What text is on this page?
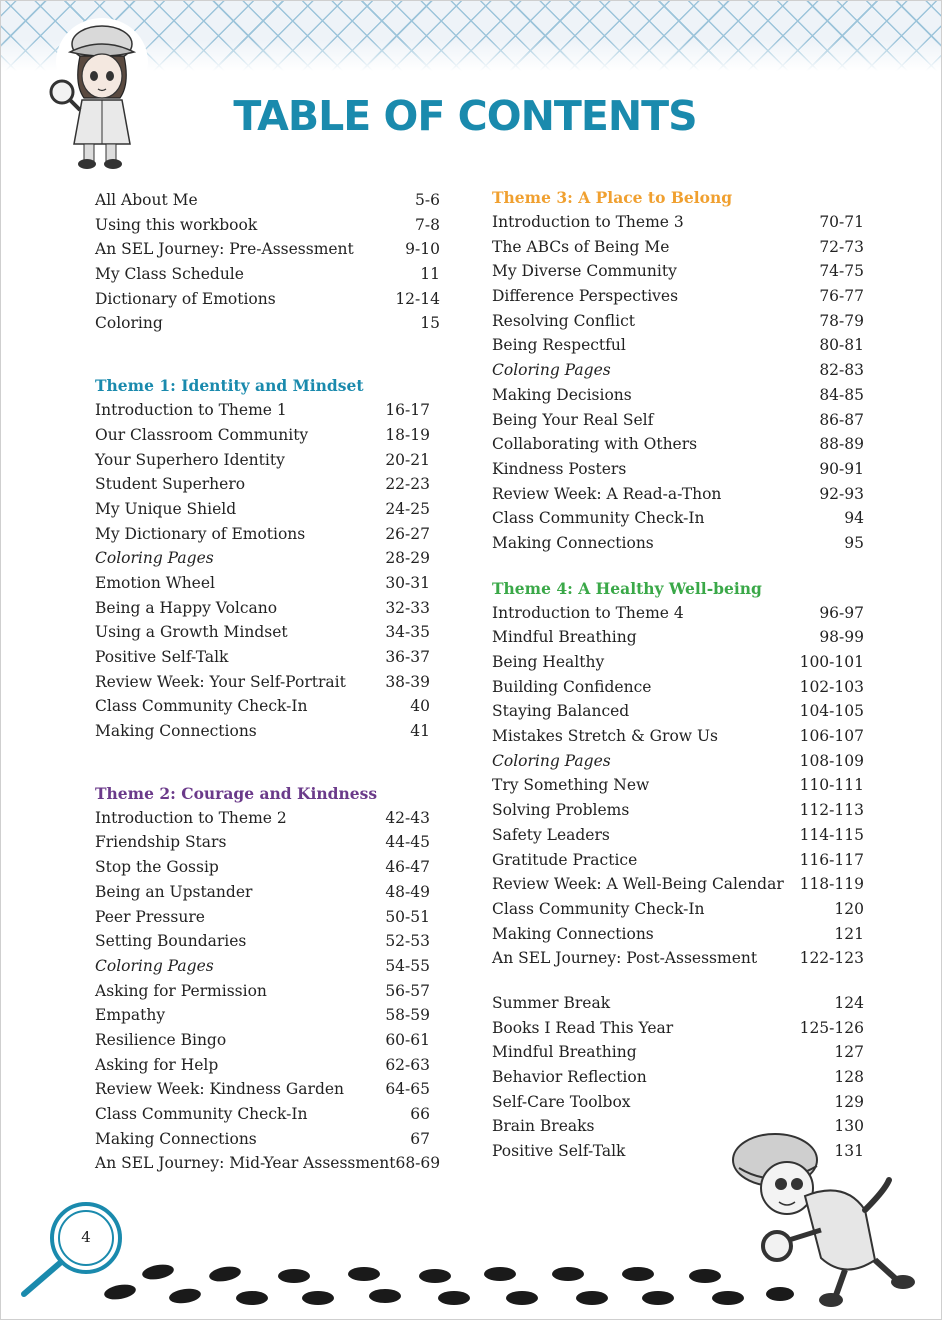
TABLE OF CONTENTS
All About Me	5-6
Using this workbook	7-8
An SEL Journey: Pre-Assessment	9-10
My Class Schedule	11
Dictionary of Emotions	12-14
Coloring	15
Theme 1: Identity and Mindset
Introduction to Theme 1	16-17
Our Classroom Community	18-19
Your Superhero Identity	20-21
Student Superhero	22-23
My Unique Shield	24-25
My Dictionary of Emotions	26-27
Coloring Pages	28-29
Emotion Wheel	30-31
Being a Happy Volcano	32-33
Using a Growth Mindset	34-35
Positive Self-Talk	36-37
Review Week: Your Self-Portrait	38-39
Class Community Check-In	40
Making Connections	41
Theme 2: Courage and Kindness
Introduction to Theme 2	42-43
Friendship Stars	44-45
Stop the Gossip	46-47
Being an Upstander	48-49
Peer Pressure	50-51
Setting Boundaries	52-53
Coloring Pages	54-55
Asking for Permission	56-57
Empathy	58-59
Resilience Bingo	60-61
Asking for Help	62-63
Review Week: Kindness Garden	64-65
Class Community Check-In	66
Making Connections	67
An SEL Journey: Mid-Year Assessment 68-69
Theme 3: A Place to Belong
Introduction to Theme 3	70-71
The ABCs of Being Me	72-73
My Diverse Community	74-75
Difference Perspectives	76-77
Resolving Conflict	78-79
Being Respectful	80-81
Coloring Pages	82-83
Making Decisions	84-85
Being Your Real Self	86-87
Collaborating with Others	88-89
Kindness Posters	90-91
Review Week: A Read-a-Thon	92-93
Class Community Check-In	94
Making Connections	95
Theme 4: A Healthy Well-being
Introduction to Theme 4	96-97
Mindful Breathing	98-99
Being Healthy	100-101
Building Confidence	102-103
Staying Balanced	104-105
Mistakes Stretch & Grow Us	106-107
Coloring Pages	108-109
Try Something New	110-111
Solving Problems	112-113
Safety Leaders	114-115
Gratitude Practice	116-117
Review Week: A Well-Being Calendar 118-119
Class Community Check-In	120
Making Connections	121
An SEL Journey: Post-Assessment	122-123
Summer Break	124
Books I Read This Year	125-126
Mindful Breathing	127
Behavior Reflection	128
Self-Care Toolbox	129
Brain Breaks	130
Positive Self-Talk	131
4
